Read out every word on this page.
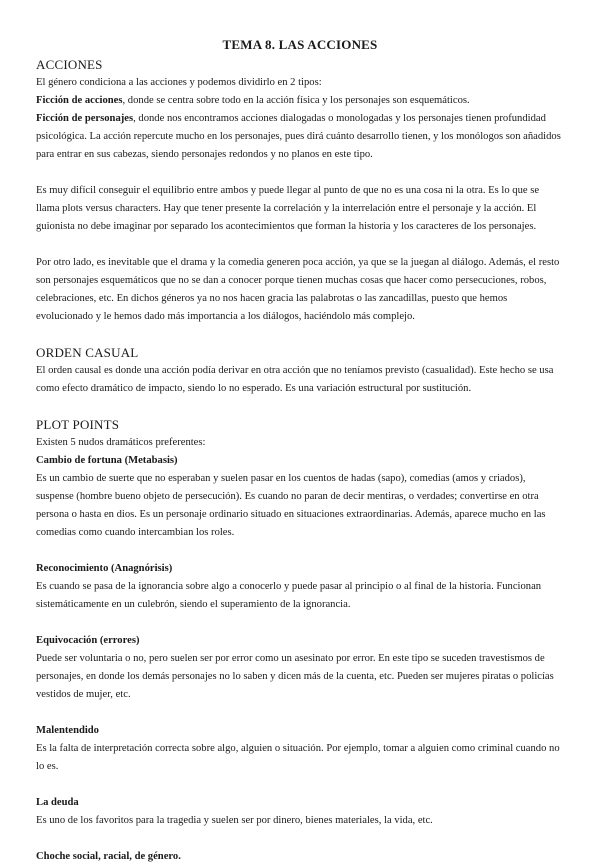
TEMA 8. LAS ACCIONES
ACCIONES

El género condiciona a las acciones y podemos dividirlo en 2 tipos:

Ficción de acciones, donde se centra sobre todo en la acción física y los personajes son esquemáticos.

Ficción de personajes, donde nos encontramos acciones dialogadas o monologadas y los personajes tienen profundidad psicológica. La acción repercute mucho en los personajes, pues dirá cuánto desarrollo tienen, y los monólogos son añadidos para entrar en sus cabezas, siendo personajes redondos y no planos en este tipo.

Es muy difícil conseguir el equilibrio entre ambos y puede llegar al punto de que no es una cosa ni la otra. Es lo que se llama plots versus characters. Hay que tener presente la correlación y la interrelación entre el personaje y la acción. El guionista no debe imaginar por separado los acontecimientos que forman la historia y los caracteres de los personajes.

Por otro lado, es inevitable que el drama y la comedia generen poca acción, ya que se la juegan al diálogo. Además, el resto son personajes esquemáticos que no se dan a conocer porque tienen muchas cosas que hacer como persecuciones, robos, celebraciones, etc. En dichos géneros ya no nos hacen gracia las palabrotas o las zancadillas, puesto que hemos evolucionado y le hemos dado más importancia a los diálogos, haciéndolo más complejo.

ORDEN CASUAL

El orden causal es donde una acción podía derivar en otra acción que no teníamos previsto (casualidad). Este hecho se usa como efecto dramático de impacto, siendo lo no esperado. Es una variación estructural por sustitución.

PLOT POINTS

Existen 5 nudos dramáticos preferentes:

Cambio de fortuna (Metabasis)

Es un cambio de suerte que no esperaban y suelen pasar en los cuentos de hadas (sapo), comedias (amos y criados), suspense (hombre bueno objeto de persecución). Es cuando no paran de decir mentiras, o verdades; convertirse en otra persona o hasta en dios. Es un personaje ordinario situado en situaciones extraordinarias. Además, aparece mucho en las comedias como cuando intercambian los roles.

Reconocimiento (Anagnórisis)

Es cuando se pasa de la ignorancia sobre algo a conocerlo y puede pasar al principio o al final de la historia. Funcionan sistemáticamente en un culebrón, siendo el superamiento de la ignorancia.

Equivocación (errores)

Puede ser voluntaria o no, pero suelen ser por error como un asesinato por error. En este tipo se suceden travestismos de personajes, en donde los demás personajes no lo saben y dicen más de la cuenta, etc. Pueden ser mujeres piratas o policías vestidos de mujer, etc.

Malentendido

Es la falta de interpretación correcta sobre algo, alguien o situación. Por ejemplo, tomar a alguien como criminal cuando no lo es.

La deuda

Es uno de los favoritos para la tragedia y suelen ser por dinero, bienes materiales, la vida, etc.

Choche social, racial, de género.
